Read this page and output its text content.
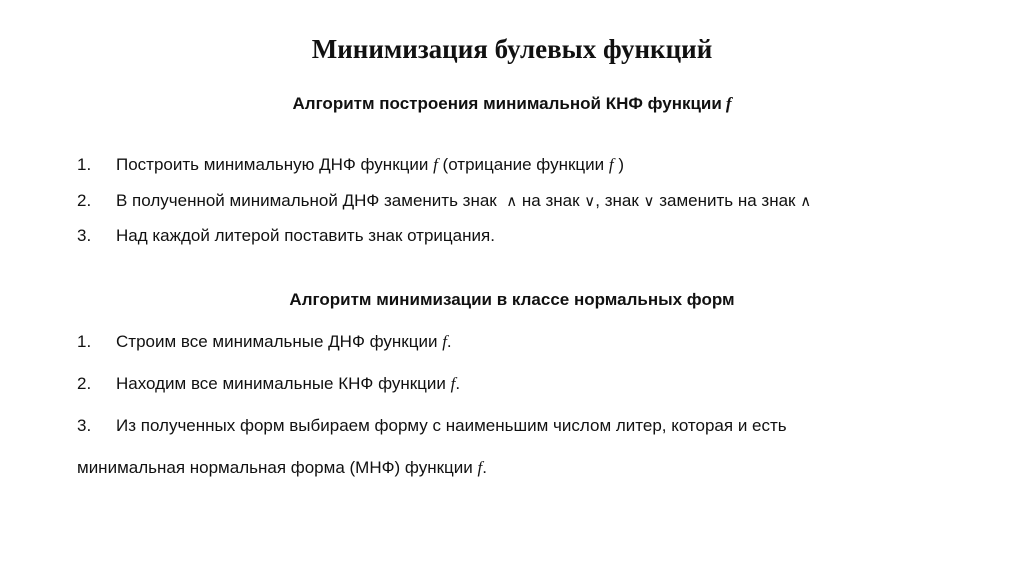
Минимизация булевых функций
Алгоритм построения минимальной КНФ функции f
1. Построить минимальную ДНФ функции f (отрицание функции f )
2. В полученной минимальной ДНФ заменить знак  ∧ на знак ∨, знак ∨ заменить на знак ∧
3. Над каждой литерой поставить знак отрицания.
Алгоритм минимизации в классе нормальных форм
1. Строим все минимальные ДНФ функции f.
2. Находим все минимальные КНФ функции f.
3. Из полученных форм выбираем форму с наименьшим числом литер, которая и есть
минимальная нормальная форма (МНФ) функции f.
